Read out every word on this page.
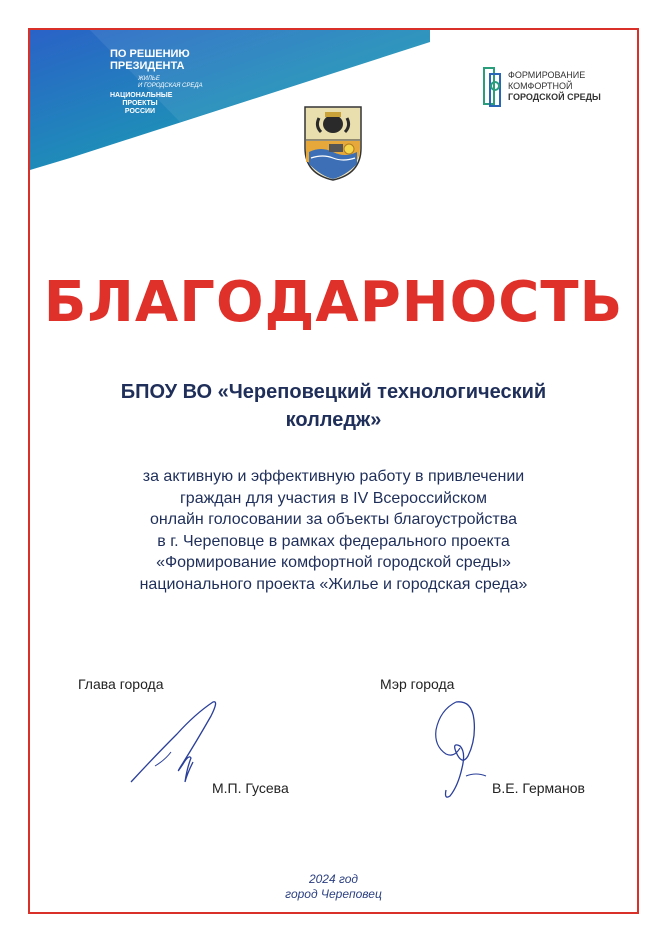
ПО РЕШЕНИЮ
ПРЕЗИДЕНТА
ЖИЛЬЕ
И ГОРОДСКАЯ СРЕДА
НАЦИОНАЛЬНЫЕ
ПРОЕКТЫ
РОССИИ
ФОРМИРОВАНИЕ
КОМФОРТНОЙ
ГОРОДСКОЙ СРЕДЫ
БЛАГОДАРНОСТЬ
БПОУ ВО «Череповецкий технологический
колледж»
за активную и эффективную работу в привлечении
граждан для участия в IV Всероссийском
онлайн голосовании за объекты благоустройства
в г. Череповце в рамках федерального проекта
«Формирование комфортной городской среды»
национального проекта «Жилье и городская среда»
Глава города
М.П. Гусева
Мэр города
В.Е. Германов
2024 год
город Череповец
